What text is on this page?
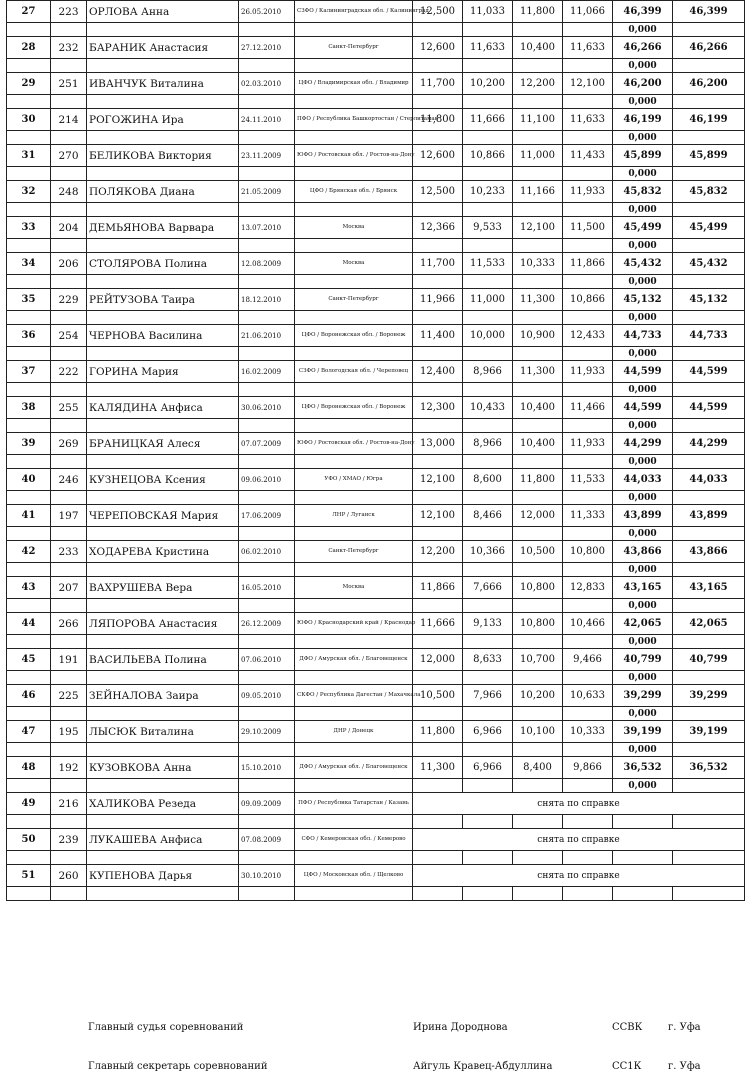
27	223	ОРЛОВА Анна	26.05.2010	СЗФО / Калининградская обл. / Калининград	12,500	11,033	11,800	11,066	46,399	46,399
									0,000	
28	232	БАРАНИК Анастасия	27.12.2010	Санкт-Петербург	12,600	11,633	10,400	11,633	46,266	46,266
									0,000	
29	251	ИВАНЧУК Виталина	02.03.2010	ЦФО / Владимирская обл. / Владимир	11,700	10,200	12,200	12,100	46,200	46,200
									0,000	
30	214	РОГОЖИНА Ира	24.11.2010	ПФО / Республика Башкортостан / Стерлитамак	11,800	11,666	11,100	11,633	46,199	46,199
									0,000	
31	270	БЕЛИКОВА Виктория	23.11.2009	ЮФО / Ростовская обл. / Ростов-на-Дону	12,600	10,866	11,000	11,433	45,899	45,899
									0,000	
32	248	ПОЛЯКОВА Диана	21.05.2009	ЦФО / Брянская обл. / Брянск	12,500	10,233	11,166	11,933	45,832	45,832
									0,000	
33	204	ДЕМЬЯНОВА Варвара	13.07.2010	Москва	12,366	9,533	12,100	11,500	45,499	45,499
									0,000	
34	206	СТОЛЯРОВА Полина	12.08.2009	Москва	11,700	11,533	10,333	11,866	45,432	45,432
									0,000	
35	229	РЕЙТУЗОВА Таира	18.12.2010	Санкт-Петербург	11,966	11,000	11,300	10,866	45,132	45,132
									0,000	
36	254	ЧЕРНОВА Василина	21.06.2010	ЦФО / Воронежская обл. / Воронеж	11,400	10,000	10,900	12,433	44,733	44,733
									0,000	
37	222	ГОРИНА Мария	16.02.2009	СЗФО / Вологодская обл. / Череповец	12,400	8,966	11,300	11,933	44,599	44,599
									0,000	
38	255	КАЛЯДИНА Анфиса	30.06.2010	ЦФО / Воронежская обл. / Воронеж	12,300	10,433	10,400	11,466	44,599	44,599
									0,000	
39	269	БРАНИЦКАЯ Алеся	07.07.2009	ЮФО / Ростовская обл. / Ростов-на-Дону	13,000	8,966	10,400	11,933	44,299	44,299
									0,000	
40	246	КУЗНЕЦОВА Ксения	09.06.2010	УФО / ХМАО / Югра	12,100	8,600	11,800	11,533	44,033	44,033
									0,000	
41	197	ЧЕРЕПОВСКАЯ Мария	17.06.2009	ЛНР / Луганск	12,100	8,466	12,000	11,333	43,899	43,899
									0,000	
42	233	ХОДАРЕВА Кристина	06.02.2010	Санкт-Петербург	12,200	10,366	10,500	10,800	43,866	43,866
									0,000	
43	207	ВАХРУШЕВА Вера	16.05.2010	Москва	11,866	7,666	10,800	12,833	43,165	43,165
									0,000	
44	266	ЛЯПОРОВА Анастасия	26.12.2009	ЮФО / Краснодарский край / Краснодар	11,666	9,133	10,800	10,466	42,065	42,065
									0,000	
45	191	ВАСИЛЬЕВА Полина	07.06.2010	ДФО / Амурская обл. / Благовещенск	12,000	8,633	10,700	9,466	40,799	40,799
									0,000	
46	225	ЗЕЙНАЛОВА Заира	09.05.2010	СКФО / Республика Дагестан / Махачкала	10,500	7,966	10,200	10,633	39,299	39,299
									0,000	
47	195	ЛЫСЮК Виталина	29.10.2009	ДНР / Донецк	11,800	6,966	10,100	10,333	39,199	39,199
									0,000	
48	192	КУЗОВКОВА Анна	15.10.2010	ДФО / Амурская обл. / Благовещенск	11,300	6,966	8,400	9,866	36,532	36,532
									0,000	
49	216	ХАЛИКОВА Резеда	09.09.2009	ПФО / Республика Татарстан / Казань	снята по справке					

50	239	ЛУКАШЕВА Анфиса	07.08.2009	СФО / Кемеровская обл. / Кемерово	снята по справке					

51	260	КУПЕНОВА Дарья	30.10.2010	ЦФО / Московская обл. / Щелково	снята по справке					

Главный судья соревнований	Ирина Дороднова	ССВК	г. Уфа
Главный секретарь соревнований	Айгуль Кравец-Абдуллина	СС1К	г. Уфа
